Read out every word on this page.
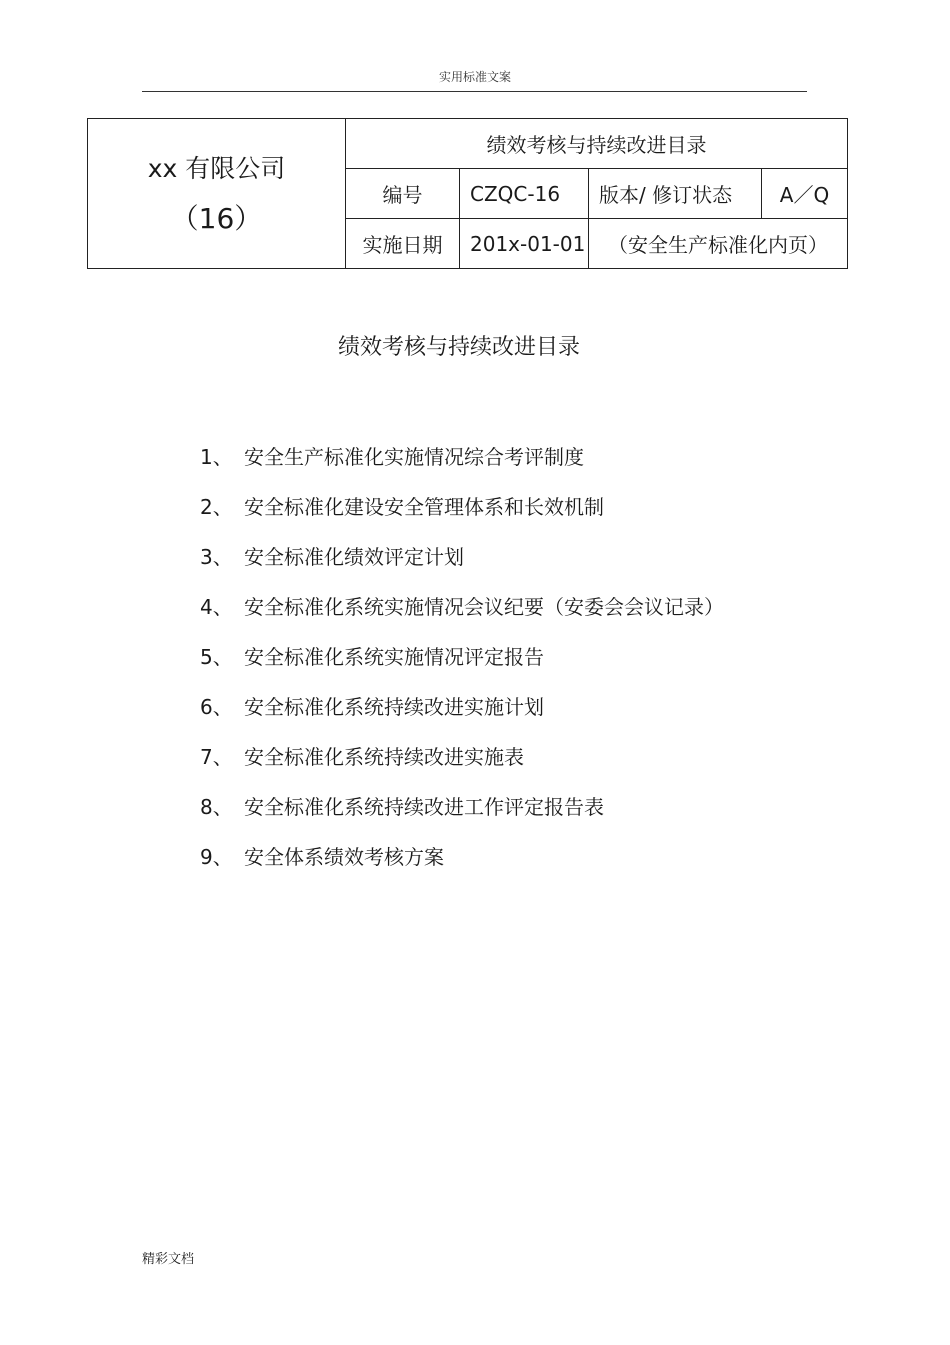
实用标准文案
xx 有限公司
（16）	绩效考核与持续改进目录			
	编号	CZQC-16	版本/ 修订状态	A／Q
	实施日期	201x-01-01	（安全生产标准化内页）	
绩效考核与持续改进目录
1、 安全生产标准化实施情况综合考评制度
2、 安全标准化建设安全管理体系和长效机制
3、 安全标准化绩效评定计划
4、 安全标准化系统实施情况会议纪要（安委会会议记录）
5、 安全标准化系统实施情况评定报告
6、 安全标准化系统持续改进实施计划
7、 安全标准化系统持续改进实施表
8、 安全标准化系统持续改进工作评定报告表
9、 安全体系绩效考核方案
精彩文档
